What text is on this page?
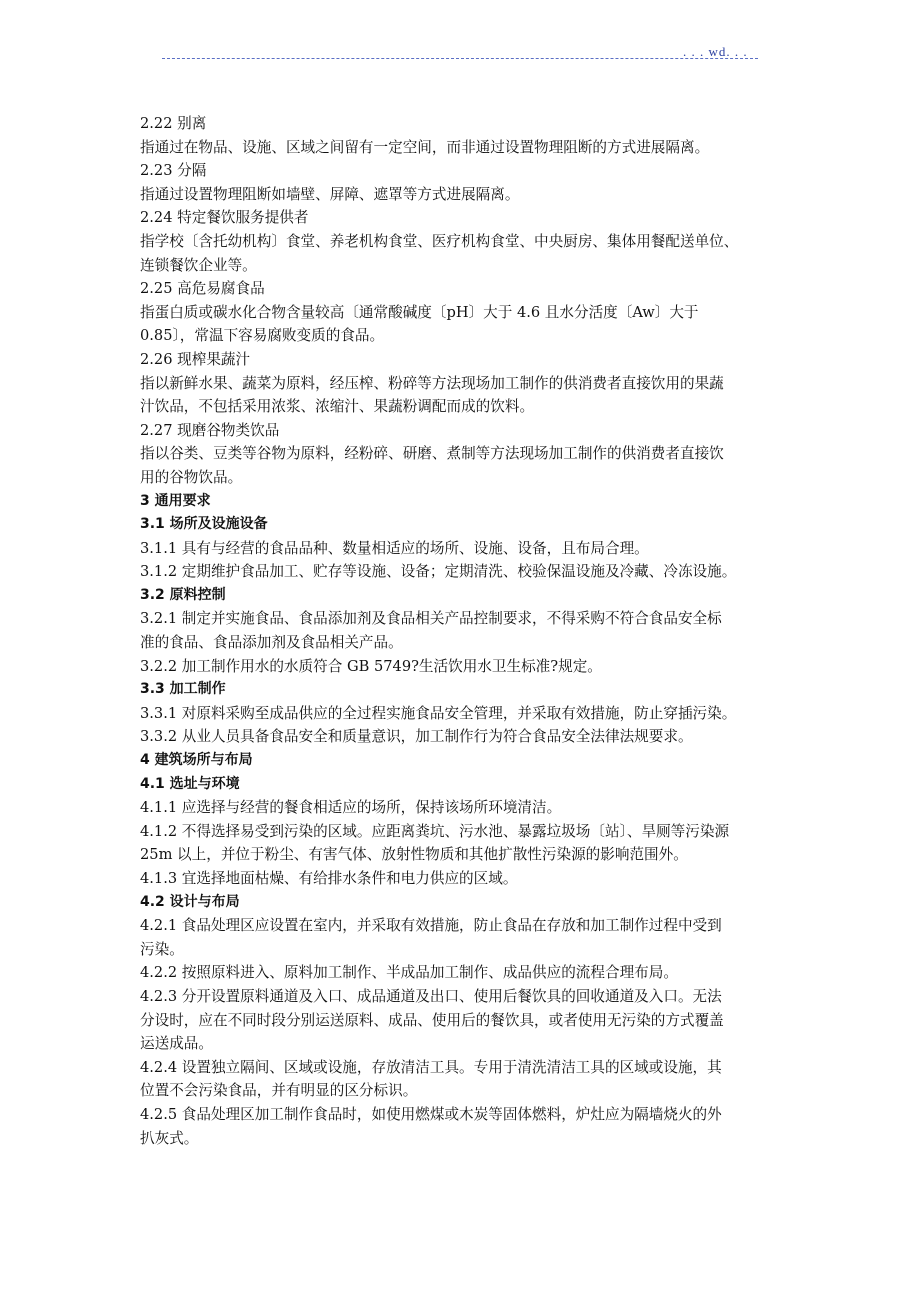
. . . wd. . .
2.22 别离
指通过在物品、设施、区域之间留有一定空间，而非通过设置物理阻断的方式进展隔离。
2.23 分隔
指通过设置物理阻断如墙壁、屏障、遮罩等方式进展隔离。
2.24 特定餐饮服务提供者
指学校〔含托幼机构〕食堂、养老机构食堂、医疗机构食堂、中央厨房、集体用餐配送单位、
连锁餐饮企业等。
2.25 高危易腐食品
指蛋白质或碳水化合物含量较高〔通常酸碱度〔pH〕大于 4.6 且水分活度〔Aw〕大于
0.85〕，常温下容易腐败变质的食品。
2.26 现榨果蔬汁
指以新鲜水果、蔬菜为原料，经压榨、粉碎等方法现场加工制作的供消费者直接饮用的果蔬
汁饮品，不包括采用浓浆、浓缩汁、果蔬粉调配而成的饮料。
2.27 现磨谷物类饮品
指以谷类、豆类等谷物为原料，经粉碎、研磨、煮制等方法现场加工制作的供消费者直接饮
用的谷物饮品。
3 通用要求
3.1 场所及设施设备
3.1.1 具有与经营的食品品种、数量相适应的场所、设施、设备，且布局合理。
3.1.2 定期维护食品加工、贮存等设施、设备；定期清洗、校验保温设施及冷藏、冷冻设施。
3.2 原料控制
3.2.1 制定并实施食品、食品添加剂及食品相关产品控制要求，不得采购不符合食品安全标
准的食品、食品添加剂及食品相关产品。
3.2.2 加工制作用水的水质符合 GB 5749?生活饮用水卫生标准?规定。
3.3 加工制作
3.3.1 对原料采购至成品供应的全过程实施食品安全管理，并采取有效措施，防止穿插污染。
3.3.2 从业人员具备食品安全和质量意识，加工制作行为符合食品安全法律法规要求。
4 建筑场所与布局
4.1 选址与环境
4.1.1 应选择与经营的餐食相适应的场所，保持该场所环境清洁。
4.1.2 不得选择易受到污染的区域。应距离粪坑、污水池、暴露垃圾场〔站〕、旱厕等污染源
25m 以上，并位于粉尘、有害气体、放射性物质和其他扩散性污染源的影响范围外。
4.1.3 宜选择地面枯燥、有给排水条件和电力供应的区域。
4.2 设计与布局
4.2.1 食品处理区应设置在室内，并采取有效措施，防止食品在存放和加工制作过程中受到
污染。
4.2.2 按照原料进入、原料加工制作、半成品加工制作、成品供应的流程合理布局。
4.2.3 分开设置原料通道及入口、成品通道及出口、使用后餐饮具的回收通道及入口。无法
分设时，应在不同时段分别运送原料、成品、使用后的餐饮具，或者使用无污染的方式覆盖
运送成品。
4.2.4 设置独立隔间、区域或设施，存放清洁工具。专用于清洗清洁工具的区域或设施，其
位置不会污染食品，并有明显的区分标识。
4.2.5 食品处理区加工制作食品时，如使用燃煤或木炭等固体燃料，炉灶应为隔墙烧火的外
扒灰式。
